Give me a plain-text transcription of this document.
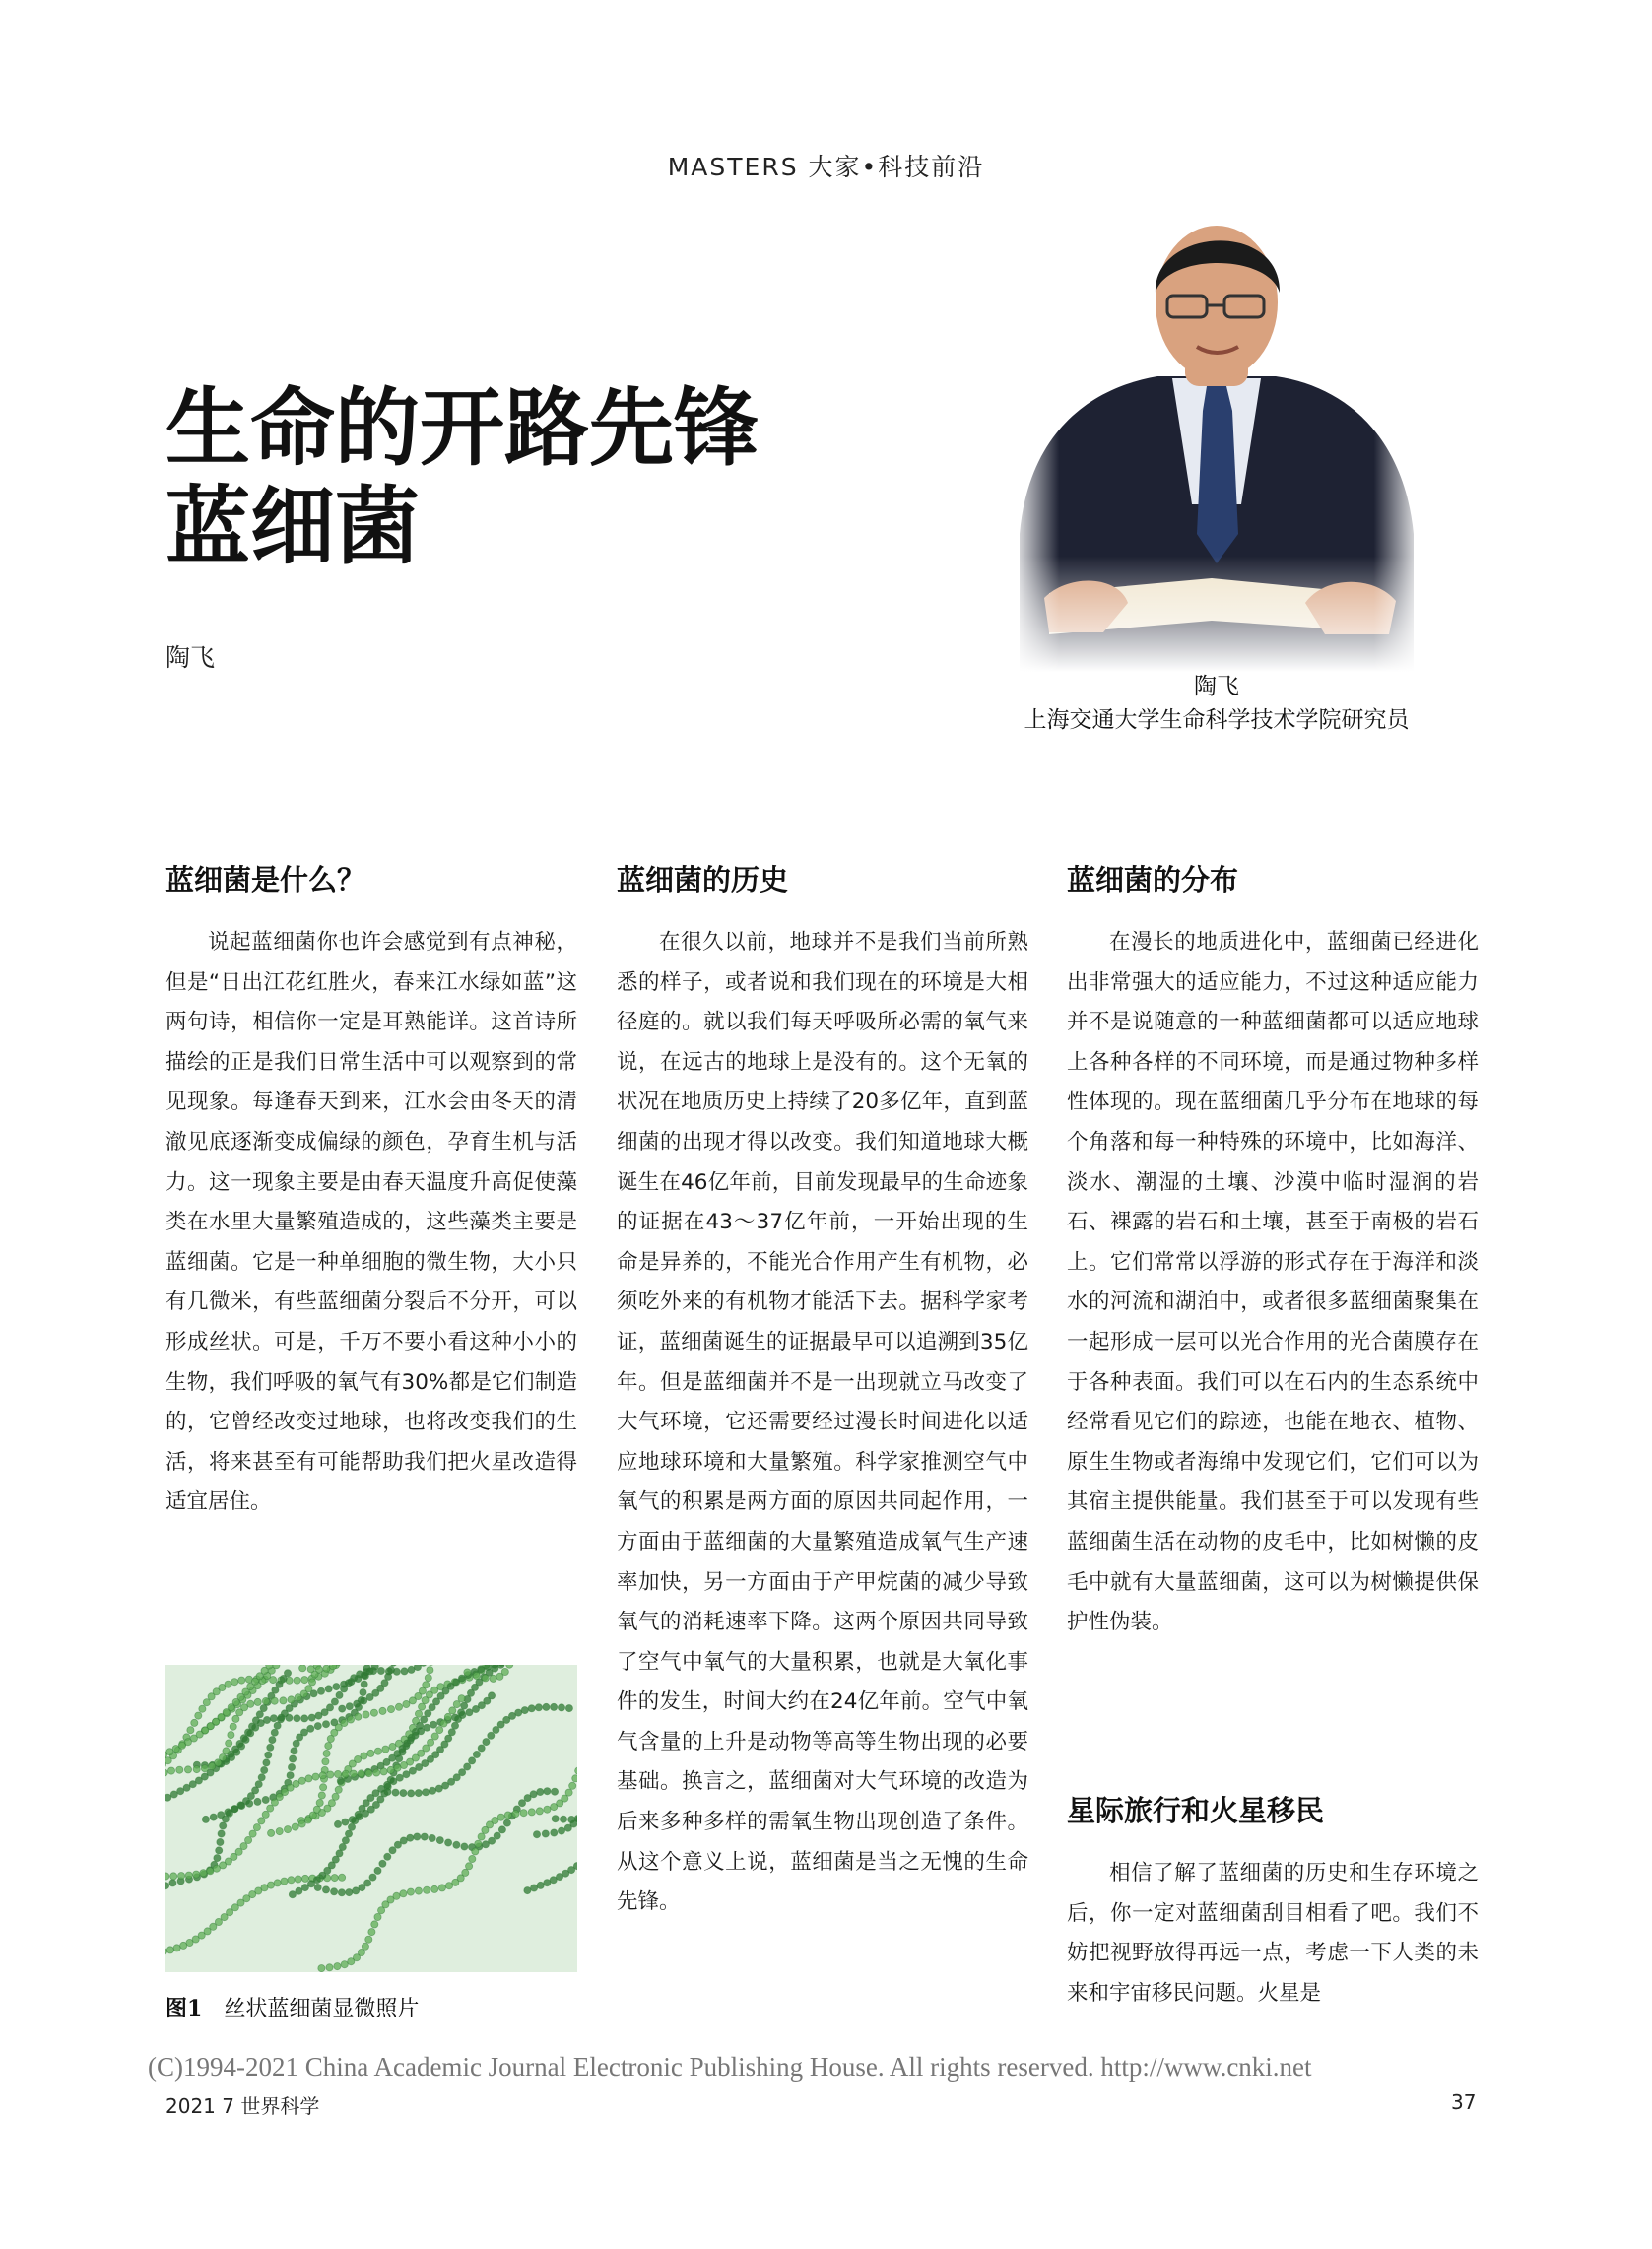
MASTERS 大家•科技前沿
生命的开路先锋
蓝细菌
陶飞
陶飞
上海交通大学生命科学技术学院研究员
蓝细菌是什么？

说起蓝细菌你也许会感觉到有点神秘，但是“日出江花红胜火，春来江水绿如蓝”这两句诗，相信你一定是耳熟能详。这首诗所描绘的正是我们日常生活中可以观察到的常见现象。每逢春天到来，江水会由冬天的清澈见底逐渐变成偏绿的颜色，孕育生机与活力。这一现象主要是由春天温度升高促使藻类在水里大量繁殖造成的，这些藻类主要是蓝细菌。它是一种单细胞的微生物，大小只有几微米，有些蓝细菌分裂后不分开，可以形成丝状。可是，千万不要小看这种小小的生物，我们呼吸的氧气有30%都是它们制造的，它曾经改变过地球，也将改变我们的生活，将来甚至有可能帮助我们把火星改造得适宜居住。

图1 丝状蓝细菌显微照片
蓝细菌的历史

在很久以前，地球并不是我们当前所熟悉的样子，或者说和我们现在的环境是大相径庭的。就以我们每天呼吸所必需的氧气来说，在远古的地球上是没有的。这个无氧的状况在地质历史上持续了20多亿年，直到蓝细菌的出现才得以改变。我们知道地球大概诞生在46亿年前，目前发现最早的生命迹象的证据在43～37亿年前，一开始出现的生命是异养的，不能光合作用产生有机物，必须吃外来的有机物才能活下去。据科学家考证，蓝细菌诞生的证据最早可以追溯到35亿年。但是蓝细菌并不是一出现就立马改变了大气环境，它还需要经过漫长时间进化以适应地球环境和大量繁殖。科学家推测空气中氧气的积累是两方面的原因共同起作用，一方面由于蓝细菌的大量繁殖造成氧气生产速率加快，另一方面由于产甲烷菌的减少导致氧气的消耗速率下降。这两个原因共同导致了空气中氧气的大量积累，也就是大氧化事件的发生，时间大约在24亿年前。空气中氧气含量的上升是动物等高等生物出现的必要基础。换言之，蓝细菌对大气环境的改造为后来多种多样的需氧生物出现创造了条件。从这个意义上说，蓝细菌是当之无愧的生命先锋。

蓝细菌的分布

在漫长的地质进化中，蓝细菌已经进化出非常强大的适应能力，不过这种适应能力并不是说随意的一种蓝细菌都可以适应地球上各种各样的不同环境，而是通过物种多样性体现的。现在蓝细菌几乎分布在地球的每个角落和每一种特殊的环境中，比如海洋、淡水、潮湿的土壤、沙漠中临时湿润的岩石、裸露的岩石和土壤，甚至于南极的岩石上。它们常常以浮游的形式存在于海洋和淡水的河流和湖泊中，或者很多蓝细菌聚集在一起形成一层可以光合作用的光合菌膜存在于各种表面。我们可以在石内的生态系统中经常看见它们的踪迹，也能在地衣、植物、原生生物或者海绵中发现它们，它们可以为其宿主提供能量。我们甚至于可以发现有些蓝细菌生活在动物的皮毛中，比如树懒的皮毛中就有大量蓝细菌，这可以为树懒提供保护性伪装。

星际旅行和火星移民

相信了解了蓝细菌的历史和生存环境之后，你一定对蓝细菌刮目相看了吧。我们不妨把视野放得再远一点，考虑一下人类的未来和宇宙移民问题。火星是

(C)1994-2021 China Academic Journal Electronic Publishing House. All rights reserved. http://www.cnki.net
2021 7 世界科学	37
